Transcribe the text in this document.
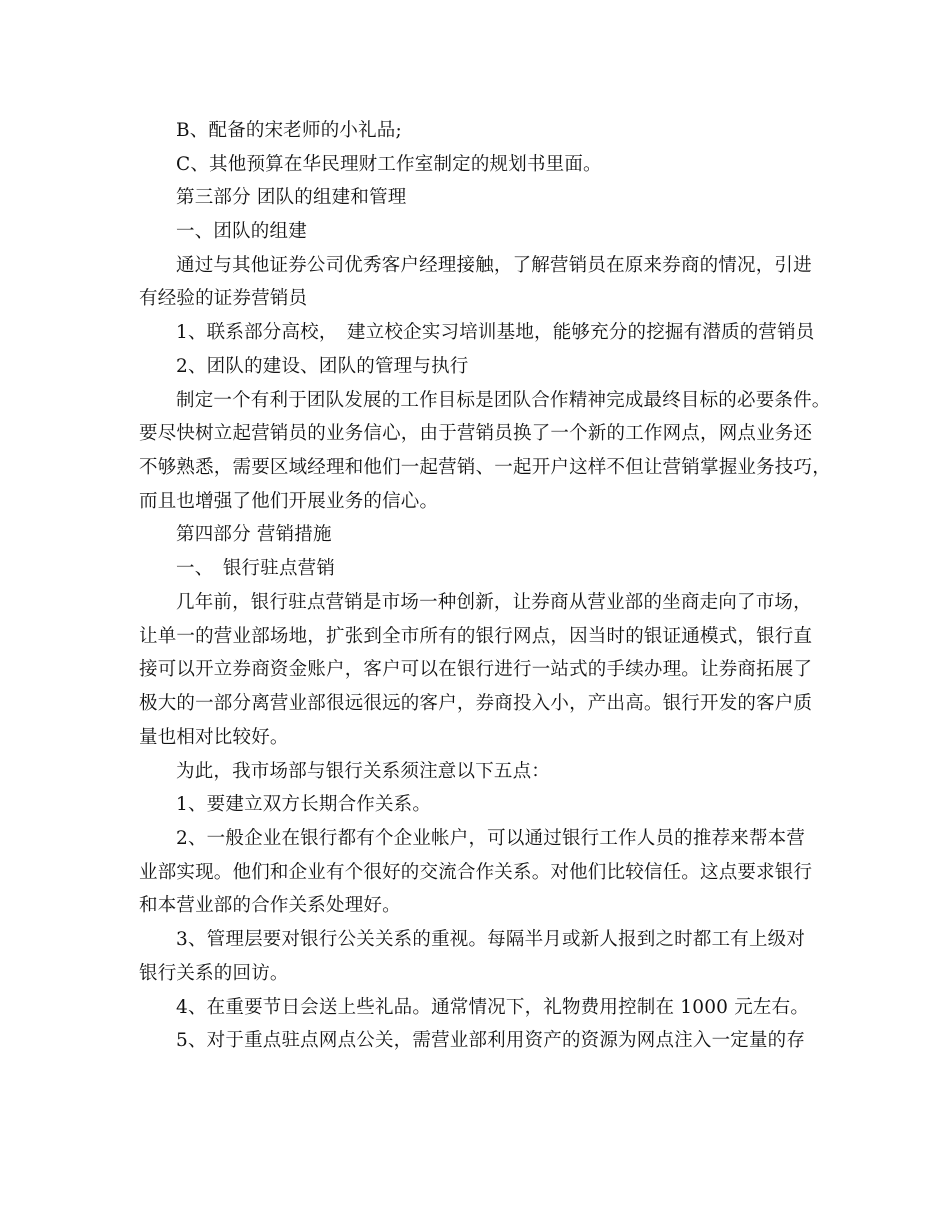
B、配备的宋老师的小礼品;
C、其他预算在华民理财工作室制定的规划书里面。
第三部分 团队的组建和管理
一、团队的组建
通过与其他证券公司优秀客户经理接触，了解营销员在原来券商的情况，引进
有经验的证券营销员
1、联系部分高校，　建立校企实习培训基地，能够充分的挖掘有潜质的营销员
2、团队的建设、团队的管理与执行
制定一个有利于团队发展的工作目标是团队合作精神完成最终目标的必要条件。
要尽快树立起营销员的业务信心，由于营销员换了一个新的工作网点，网点业务还
不够熟悉，需要区域经理和他们一起营销、一起开户这样不但让营销掌握业务技巧，
而且也增强了他们开展业务的信心。
第四部分 营销措施
一、　银行驻点营销
几年前，银行驻点营销是市场一种创新，让券商从营业部的坐商走向了市场，
让单一的营业部场地，扩张到全市所有的银行网点，因当时的银证通模式，银行直
接可以开立券商资金账户，客户可以在银行进行一站式的手续办理。让券商拓展了
极大的一部分离营业部很远很远的客户，券商投入小，产出高。银行开发的客户质
量也相对比较好。
为此，我市场部与银行关系须注意以下五点：
1、要建立双方长期合作关系。
2、一般企业在银行都有个企业帐户，可以通过银行工作人员的推荐来帮本营
业部实现。他们和企业有个很好的交流合作关系。对他们比较信任。这点要求银行
和本营业部的合作关系处理好。
3、管理层要对银行公关关系的重视。每隔半月或新人报到之时都工有上级对
银行关系的回访。
4、在重要节日会送上些礼品。通常情况下，礼物费用控制在 1000 元左右。
5、对于重点驻点网点公关，需营业部利用资产的资源为网点注入一定量的存
